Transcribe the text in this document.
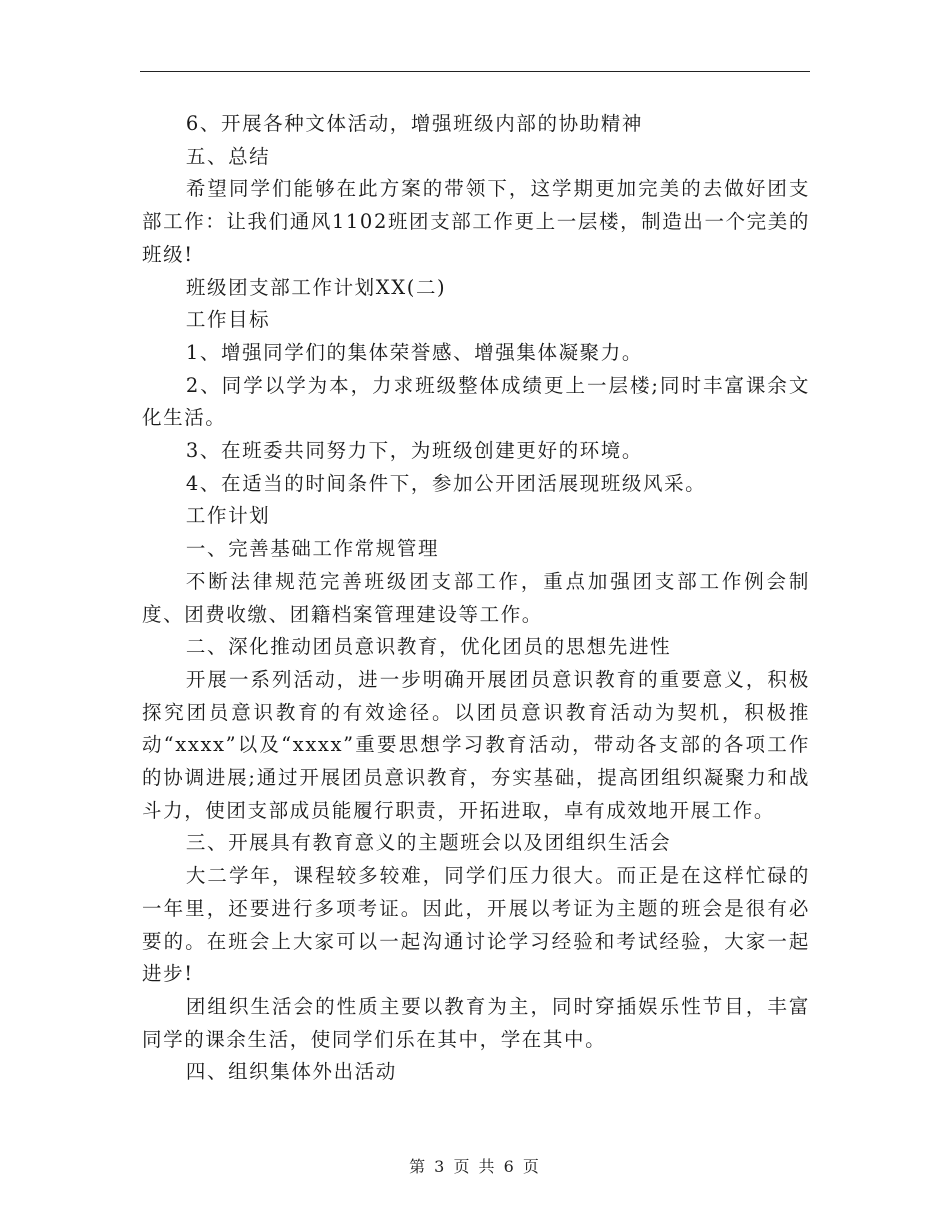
6、开展各种文体活动，增强班级内部的协助精神

五、总结

希望同学们能够在此方案的带领下，这学期更加完美的去做好团支部工作：让我们通风1102班团支部工作更上一层楼，制造出一个完美的班级!

班级团支部工作计划XX(二)

工作目标

1、增强同学们的集体荣誉感、增强集体凝聚力。

2、同学以学为本，力求班级整体成绩更上一层楼;同时丰富课余文化生活。

3、在班委共同努力下，为班级创建更好的环境。

4、在适当的时间条件下，参加公开团活展现班级风采。

工作计划

一、完善基础工作常规管理

不断法律规范完善班级团支部工作，重点加强团支部工作例会制度、团费收缴、团籍档案管理建设等工作。

二、深化推动团员意识教育，优化团员的思想先进性

开展一系列活动，进一步明确开展团员意识教育的重要意义，积极探究团员意识教育的有效途径。以团员意识教育活动为契机，积极推动“xxxx”以及“xxxx”重要思想学习教育活动，带动各支部的各项工作的协调进展;通过开展团员意识教育，夯实基础，提高团组织凝聚力和战斗力，使团支部成员能履行职责，开拓进取，卓有成效地开展工作。

三、开展具有教育意义的主题班会以及团组织生活会

大二学年，课程较多较难，同学们压力很大。而正是在这样忙碌的一年里，还要进行多项考证。因此，开展以考证为主题的班会是很有必要的。在班会上大家可以一起沟通讨论学习经验和考试经验，大家一起进步!

团组织生活会的性质主要以教育为主，同时穿插娱乐性节目，丰富同学的课余生活，使同学们乐在其中，学在其中。

四、组织集体外出活动

第 3 页 共 6 页
